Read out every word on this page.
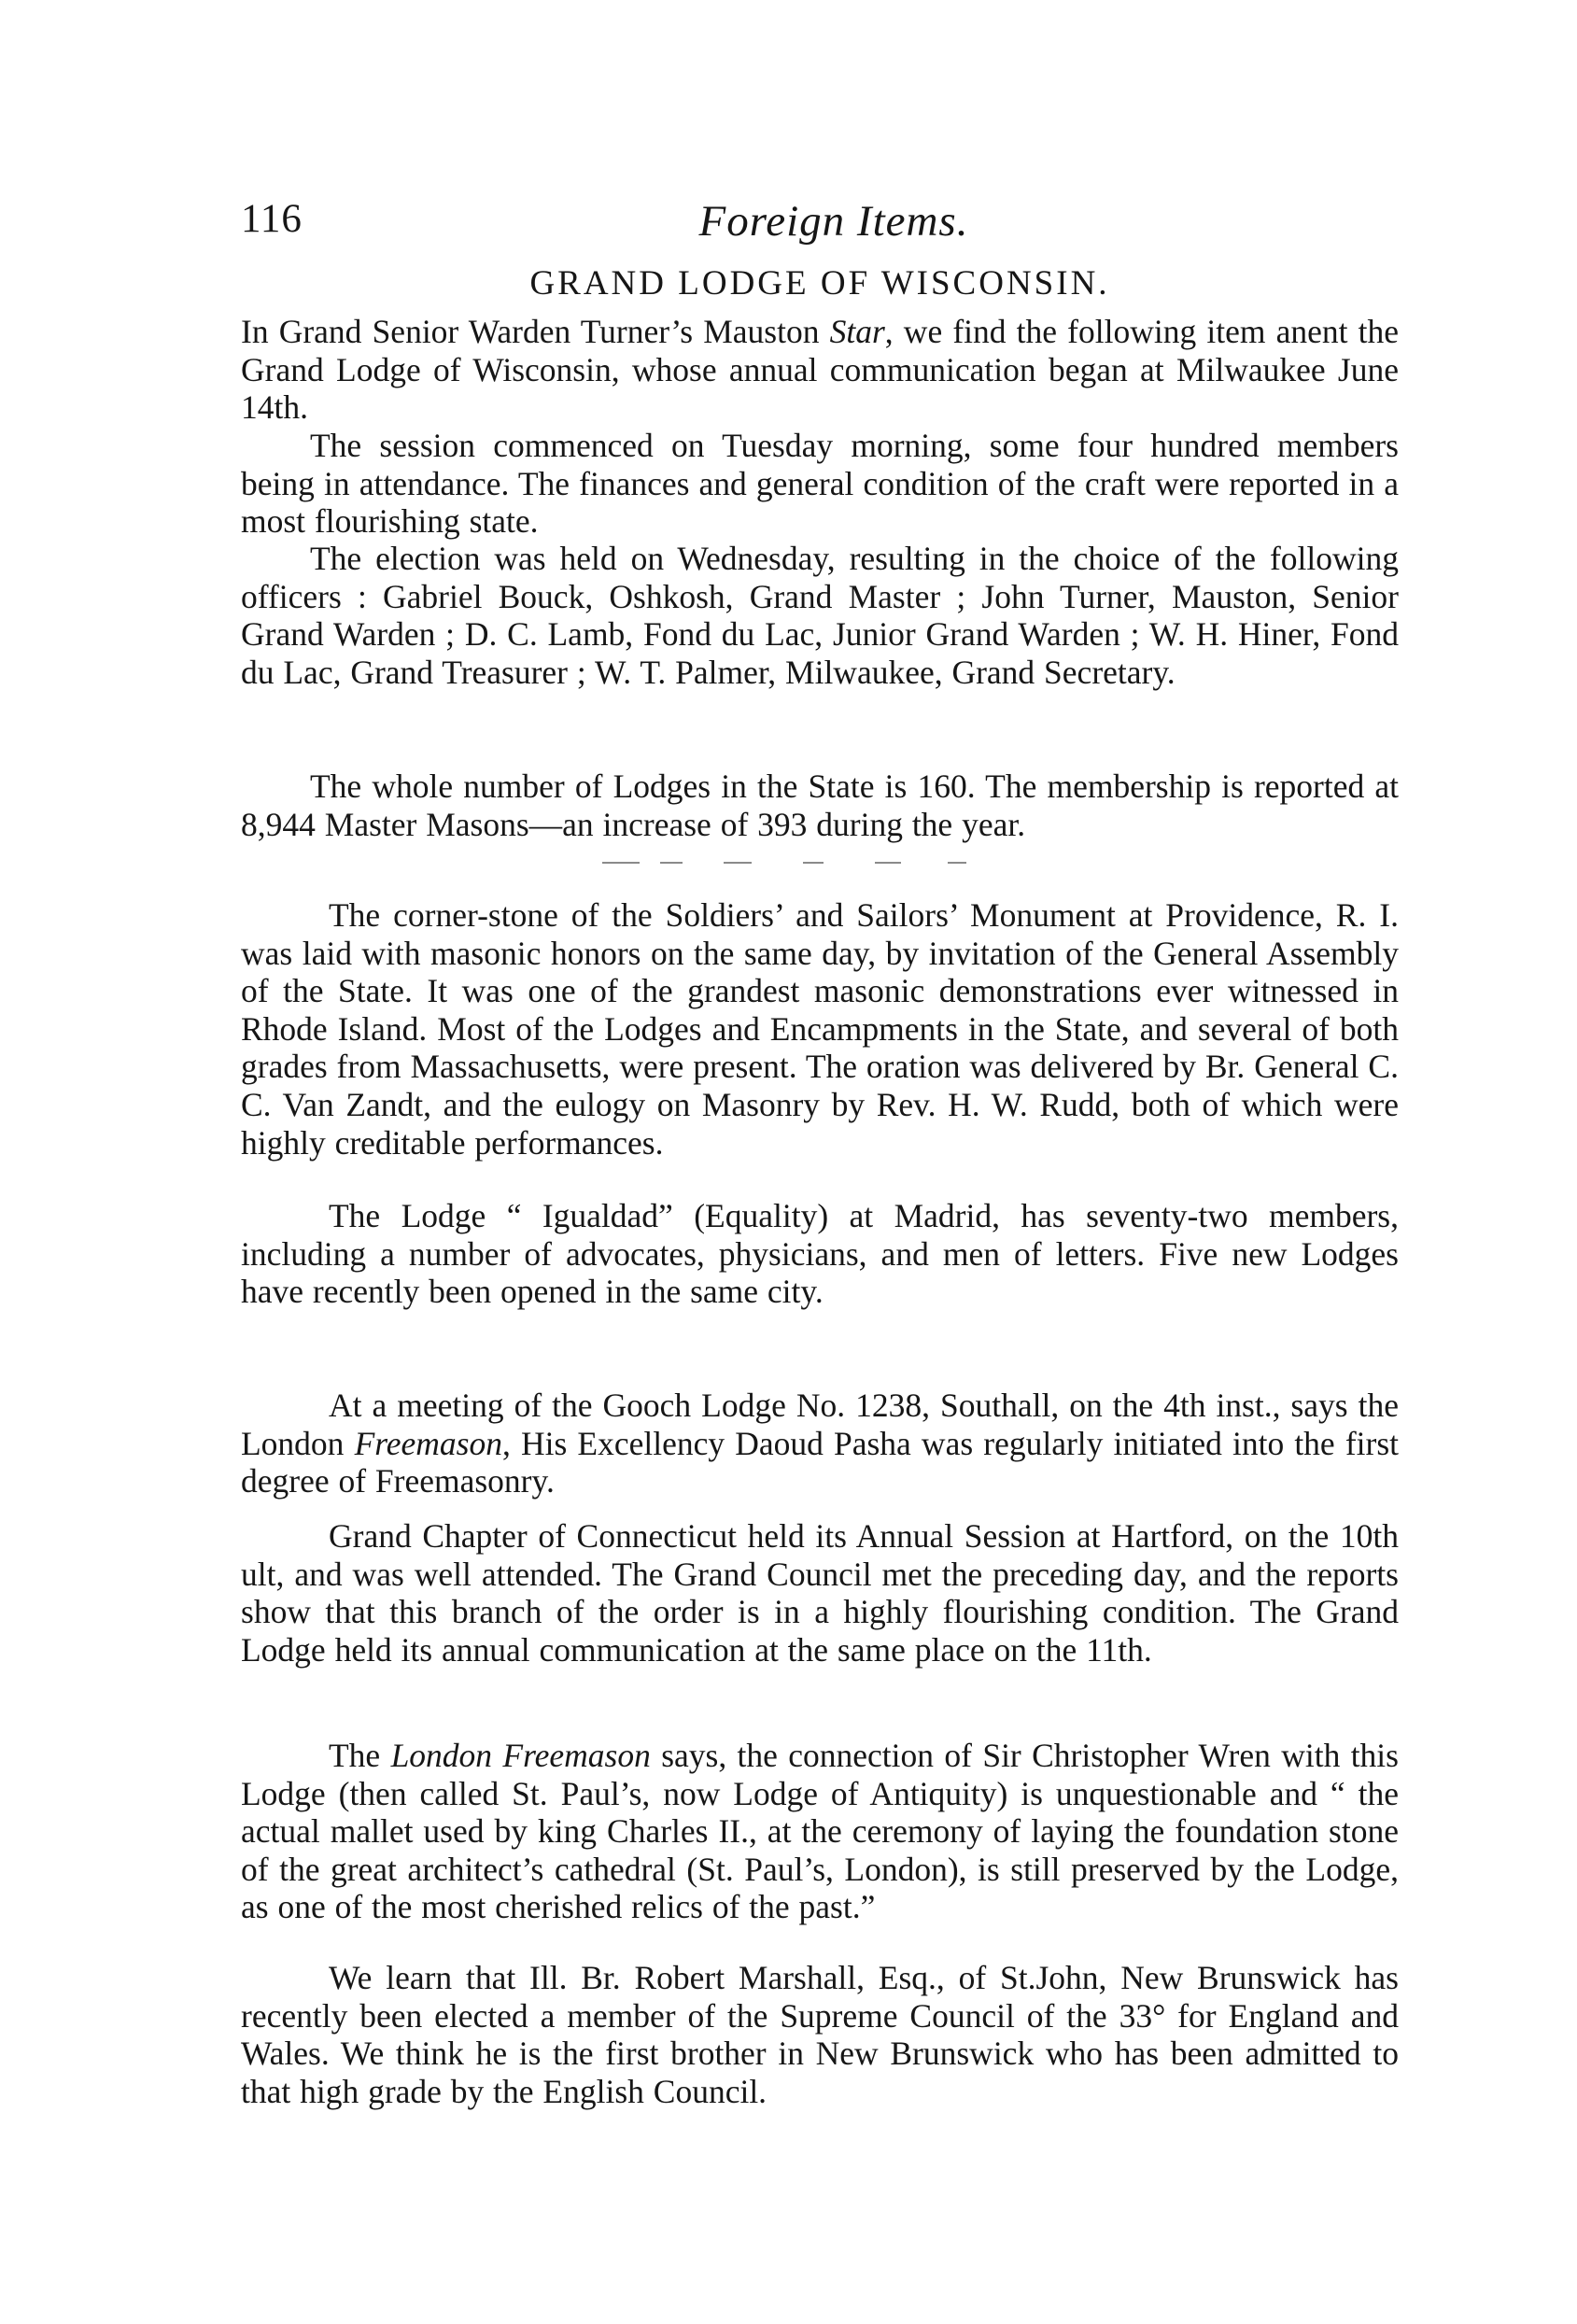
116	Foreign Items.
GRAND LODGE OF WISCONSIN.

In Grand Senior Warden Turner’s Mauston Star, we find the following item anent the Grand Lodge of Wisconsin, whose annual communication began at Milwaukee June 14th.

The session commenced on Tuesday morning, some four hundred members being in attendance. The finances and general condition of the craft were reported in a most flourishing state.

The election was held on Wednesday, resulting in the choice of the following officers : Gabriel Bouck, Oshkosh, Grand Master ; John Turner, Mauston, Senior Grand Warden ; D. C. Lamb, Fond du Lac, Junior Grand Warden ; W. H. Hiner, Fond du Lac, Grand Treasurer ; W. T. Palmer, Milwaukee, Grand Secretary.

The whole number of Lodges in the State is 160. The membership is reported at 8,944 Master Masons—an increase of 393 during the year.

The corner-stone of the Soldiers’ and Sailors’ Monument at Providence, R. I. was laid with masonic honors on the same day, by invitation of the General Assembly of the State. It was one of the grandest masonic demonstrations ever witnessed in Rhode Island. Most of the Lodges and Encampments in the State, and several of both grades from Massachusetts, were present. The oration was delivered by Br. General C. C. Van Zandt, and the eulogy on Masonry by Rev. H. W. Rudd, both of which were highly creditable performances.

The Lodge “ Igualdad” (Equality) at Madrid, has seventy-two members, including a number of advocates, physicians, and men of letters. Five new Lodges have recently been opened in the same city.

At a meeting of the Gooch Lodge No. 1238, Southall, on the 4th inst., says the London Freemason, His Excellency Daoud Pasha was regularly initiated into the first degree of Freemasonry.

Grand Chapter of Connecticut held its Annual Session at Hartford, on the 10th ult, and was well attended. The Grand Council met the preceding day, and the reports show that this branch of the order is in a highly flourishing condition. The Grand Lodge held its annual communication at the same place on the 11th.

The London Freemason says, the connection of Sir Christopher Wren with this Lodge (then called St. Paul’s, now Lodge of Antiquity) is unquestionable and “ the actual mallet used by king Charles II., at the ceremony of laying the foundation stone of the great architect’s cathedral (St. Paul’s, London), is still preserved by the Lodge, as one of the most cherished relics of the past.”

We learn that Ill. Br. Robert Marshall, Esq., of St.John, New Brunswick has recently been elected a member of the Supreme Council of the 33° for England and Wales. We think he is the first brother in New Brunswick who has been admitted to that high grade by the English Council.
